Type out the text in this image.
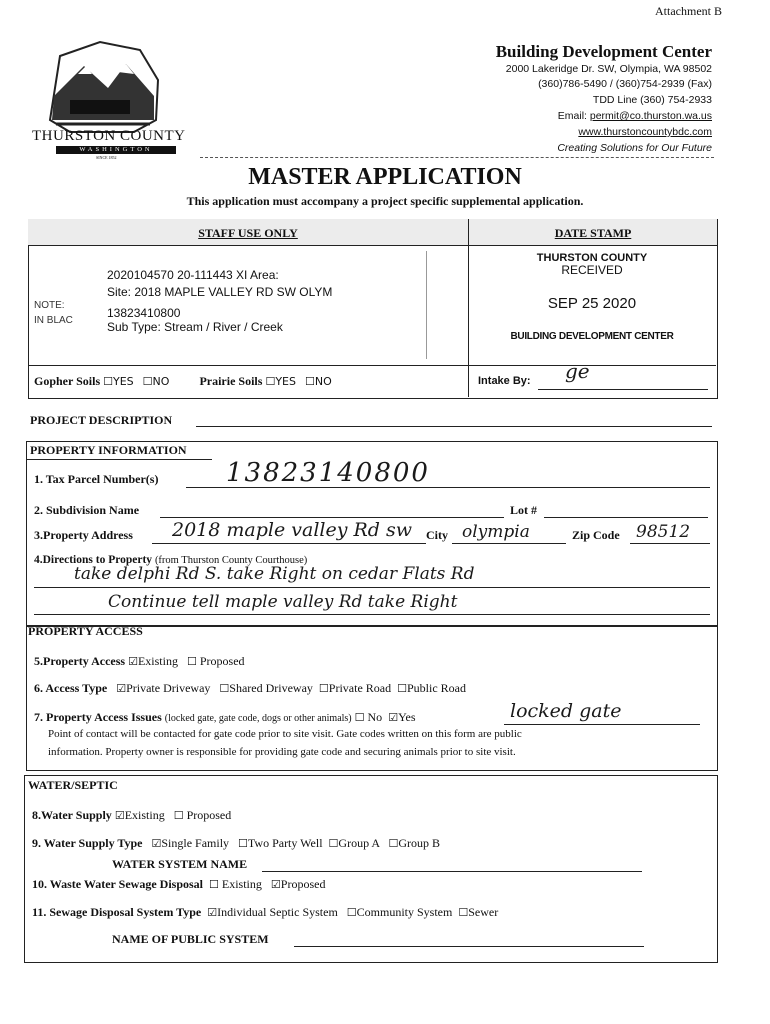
Attachment B
THURSTON COUNTY
WASHINGTON
SINCE 1852
Building Development Center
2000 Lakeridge Dr. SW, Olympia, WA 98502
(360)786-5490 / (360)754-2939 (Fax)
TDD Line (360) 754-2933
Email: permit@co.thurston.wa.us
www.thurstoncountybdc.com
Creating Solutions for Our Future
MASTER APPLICATION
This application must accompany a project specific supplemental application.
STAFF USE ONLY	DATE STAMP
NOTE:
IN BLAC
2020104570 20-111443 XI Area:
Site: 2018 MAPLE VALLEY RD SW OLYM
13823410800
Sub Type: Stream / River / Creek
THURSTON COUNTY
RECEIVED
SEP 25 2020
BUILDING DEVELOPMENT CENTER
Gopher Soils ☐YES ☐NO	Prairie Soils ☐YES ☐NO	Intake By: ge
PROJECT DESCRIPTION
PROPERTY INFORMATION
1. Tax Parcel Number(s)	13823140800
2. Subdivision Name	Lot #
3.Property Address 2018 maple valley Rd sw City olympia	Zip Code 98512
4.Directions to Property (from Thurston County Courthouse)
take delphi Rd S. take Right on cedar Flats Rd
Continue tell maple valley Rd take Right
PROPERTY ACCESS
5.Property Access ☑Existing ☐ Proposed
6. Access Type ☑Private Driveway ☐Shared Driveway ☐Private Road ☐Public Road
7. Property Access Issues (locked gate, gate code, dogs or other animals) ☐ No ☑Yes	locked gate
Point of contact will be contacted for gate code prior to site visit. Gate codes written on this form are public
information. Property owner is responsible for providing gate code and securing animals prior to site visit.
WATER/SEPTIC
8.Water Supply ☑Existing ☐ Proposed
9. Water Supply Type ☑Single Family ☐Two Party Well ☐Group A ☐Group B
WATER SYSTEM NAME
10. Waste Water Sewage Disposal ☐ Existing ☑Proposed
11. Sewage Disposal System Type ☑Individual Septic System ☐Community System ☐Sewer
NAME OF PUBLIC SYSTEM
